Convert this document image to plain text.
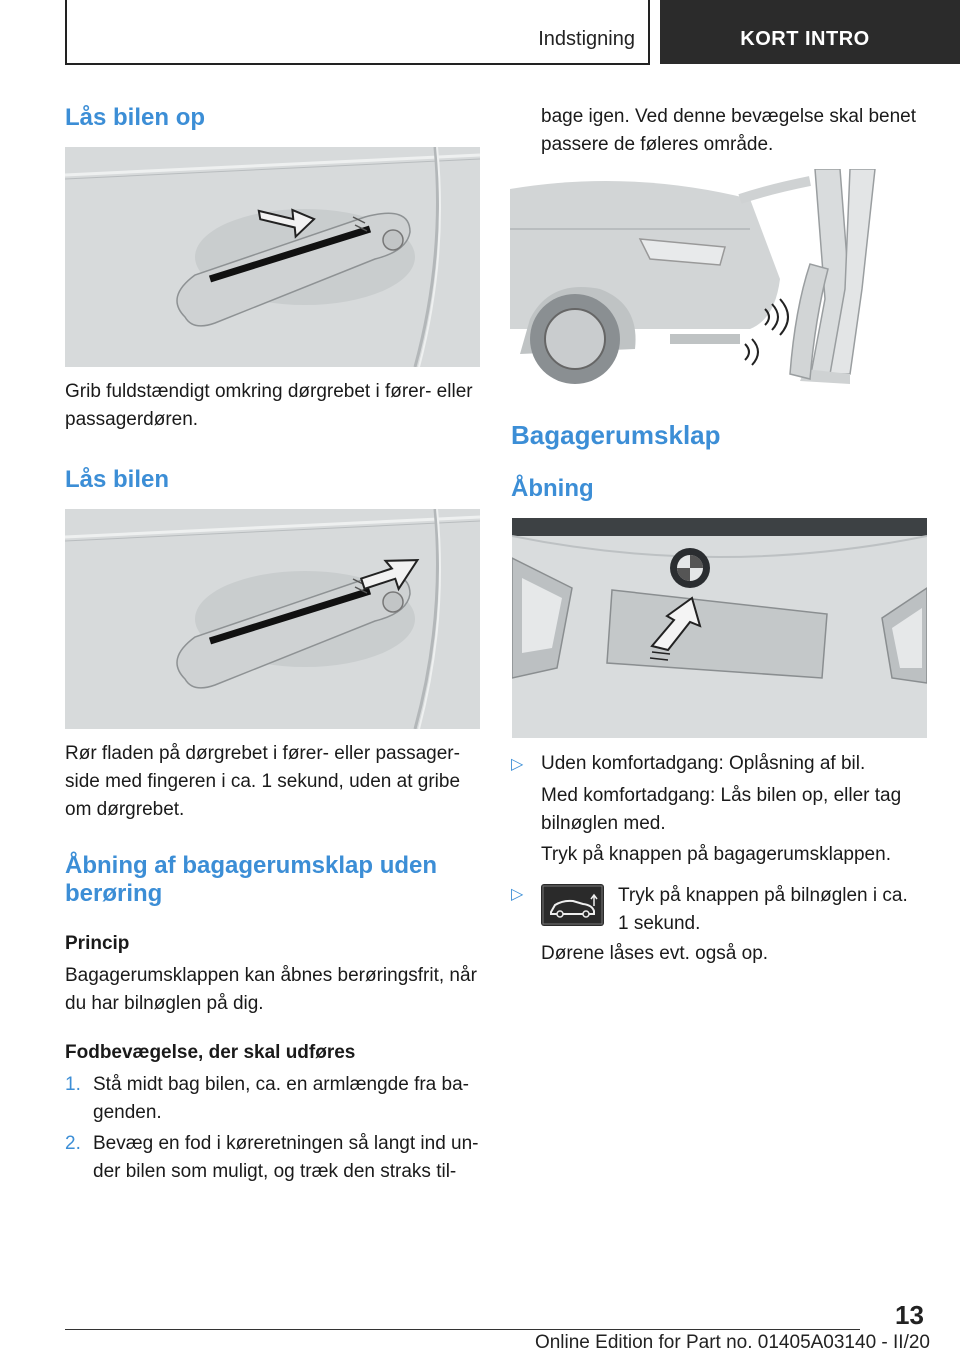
Indstigning	KORT INTRO
Lås bilen op

Grib fuldstændigt omkring dørgrebet i fører- eller

passagerdøren.

Lås bilen

Rør fladen på dørgrebet i fører- eller passager-

side med fingeren i ca. 1 sekund, uden at gribe

om dørgrebet.

Åbning af bagagerumsklap uden
berøring

Princip

Bagagerumsklappen kan åbnes berøringsfrit, når

du har bilnøglen på dig.

Fodbevægelse, der skal udføres

1. Stå midt bag bilen, ca. en armlængde fra ba-

genden.

2. Bevæg en fod i køreretningen så langt ind un-

der bilen som muligt, og træk den straks til-

bage igen. Ved denne bevægelse skal benet

passere de føleres område.

Bagagerumsklap
Åbning

▷ Uden komfortadgang: Oplåsning af bil.

Med komfortadgang: Lås bilen op, eller tag

bilnøglen med.

Tryk på knappen på bagagerumsklappen.

▷	Tryk på knappen på bilnøglen i ca.

1 sekund.

Dørene låses evt. også op.

13
Online Edition for Part no. 01405A03140 - II/20
